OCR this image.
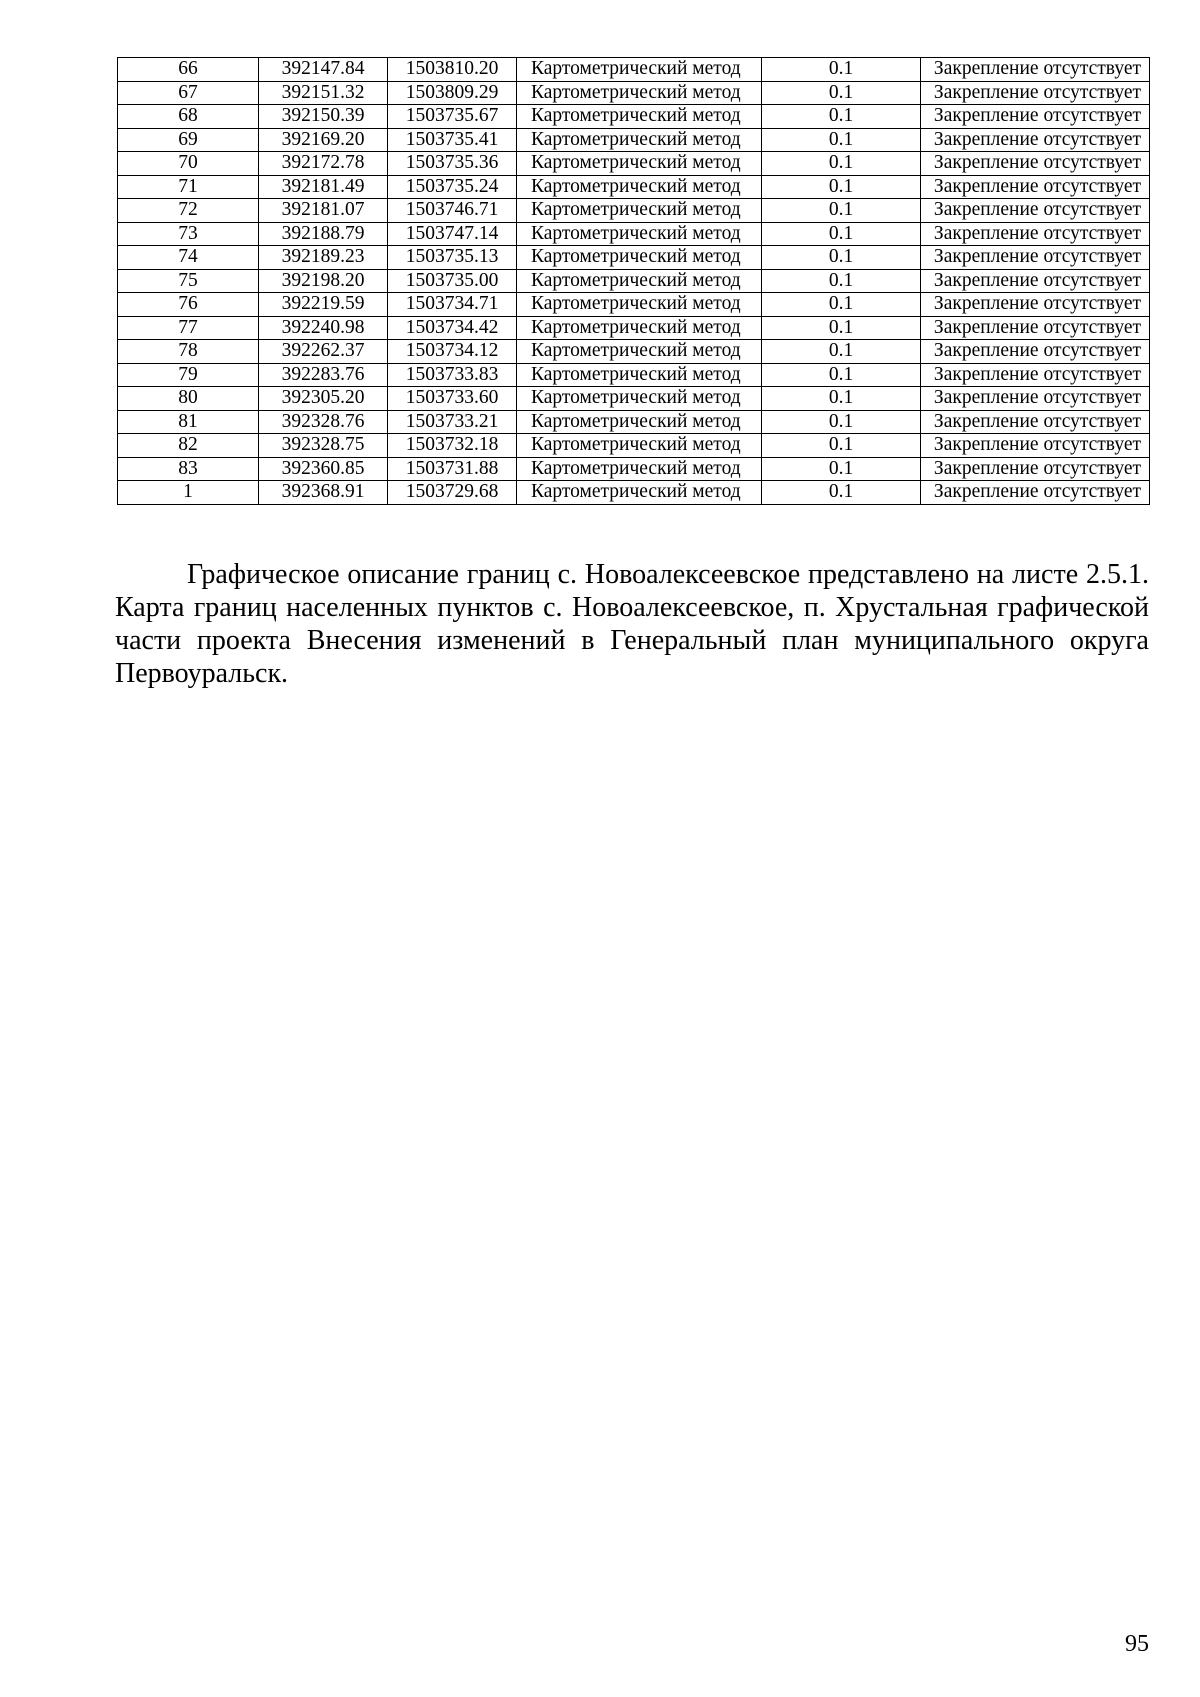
66	392147.84	1503810.20	Картометрический метод	0.1	Закрепление отсутствует
67	392151.32	1503809.29	Картометрический метод	0.1	Закрепление отсутствует
68	392150.39	1503735.67	Картометрический метод	0.1	Закрепление отсутствует
69	392169.20	1503735.41	Картометрический метод	0.1	Закрепление отсутствует
70	392172.78	1503735.36	Картометрический метод	0.1	Закрепление отсутствует
71	392181.49	1503735.24	Картометрический метод	0.1	Закрепление отсутствует
72	392181.07	1503746.71	Картометрический метод	0.1	Закрепление отсутствует
73	392188.79	1503747.14	Картометрический метод	0.1	Закрепление отсутствует
74	392189.23	1503735.13	Картометрический метод	0.1	Закрепление отсутствует
75	392198.20	1503735.00	Картометрический метод	0.1	Закрепление отсутствует
76	392219.59	1503734.71	Картометрический метод	0.1	Закрепление отсутствует
77	392240.98	1503734.42	Картометрический метод	0.1	Закрепление отсутствует
78	392262.37	1503734.12	Картометрический метод	0.1	Закрепление отсутствует
79	392283.76	1503733.83	Картометрический метод	0.1	Закрепление отсутствует
80	392305.20	1503733.60	Картометрический метод	0.1	Закрепление отсутствует
81	392328.76	1503733.21	Картометрический метод	0.1	Закрепление отсутствует
82	392328.75	1503732.18	Картометрический метод	0.1	Закрепление отсутствует
83	392360.85	1503731.88	Картометрический метод	0.1	Закрепление отсутствует
1	392368.91	1503729.68	Картометрический метод	0.1	Закрепление отсутствует

Графическое описание границ с. Новоалексеевское представлено на листе 2.5.1. Карта границ населенных пунктов с. Новоалексеевское, п. Хрустальная графической части проекта Внесения изменений в Генеральный план муниципального округа Первоуральск.

95
